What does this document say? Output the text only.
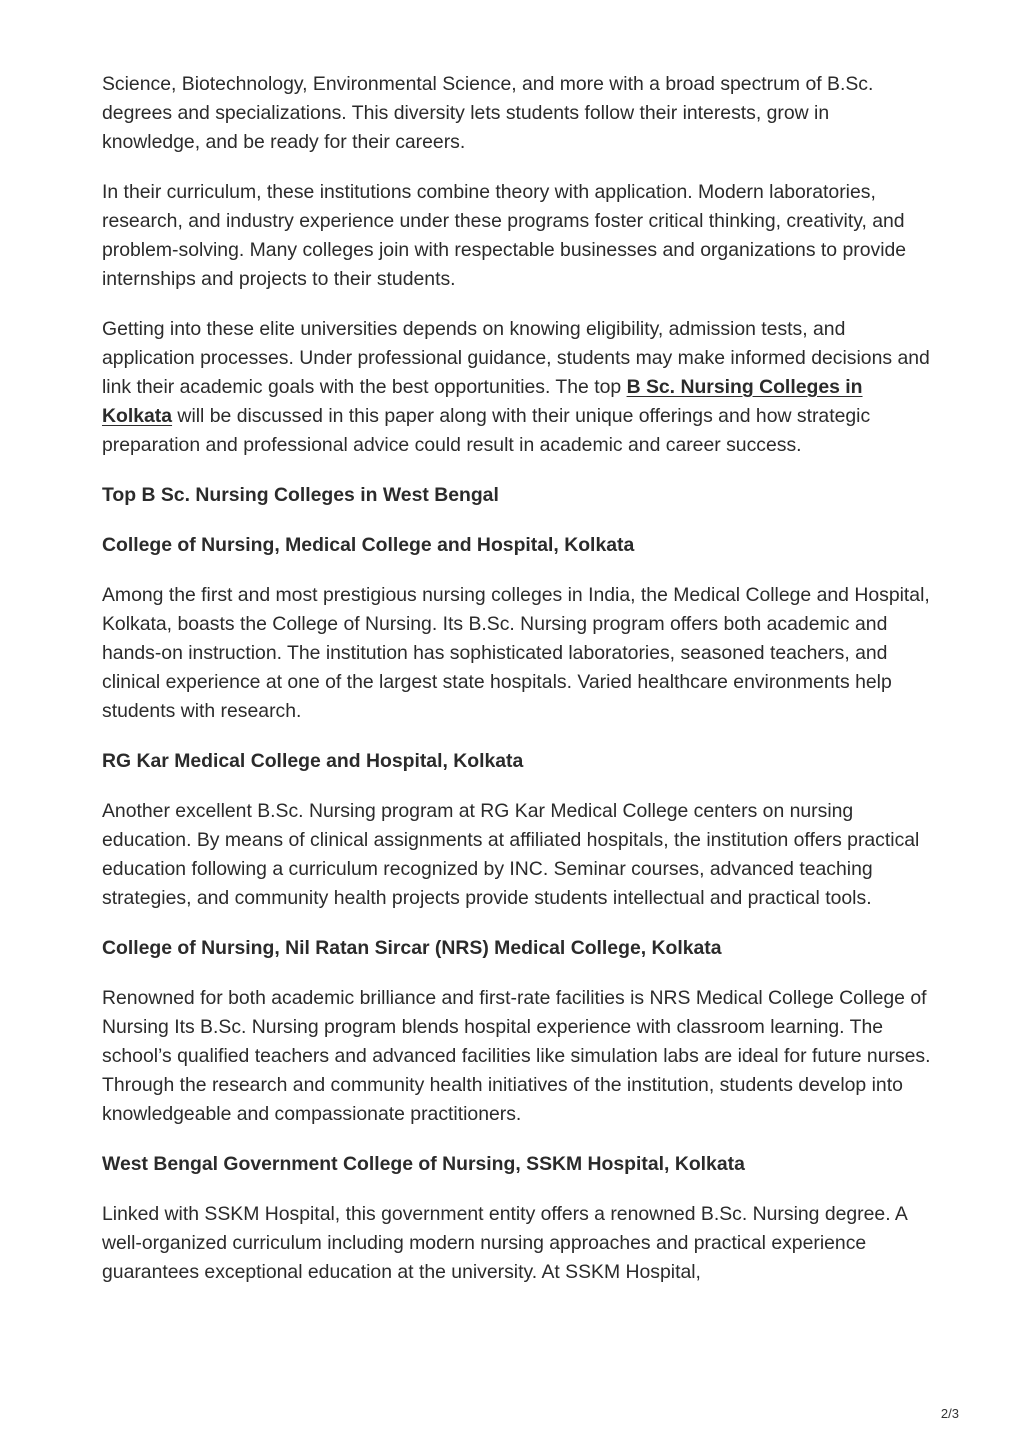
Science, Biotechnology, Environmental Science, and more with a broad spectrum of B.Sc. degrees and specializations. This diversity lets students follow their interests, grow in knowledge, and be ready for their careers.

In their curriculum, these institutions combine theory with application. Modern laboratories, research, and industry experience under these programs foster critical thinking, creativity, and problem-solving. Many colleges join with respectable businesses and organizations to provide internships and projects to their students.

Getting into these elite universities depends on knowing eligibility, admission tests, and application processes. Under professional guidance, students may make informed decisions and link their academic goals with the best opportunities. The top B Sc. Nursing Colleges in Kolkata will be discussed in this paper along with their unique offerings and how strategic preparation and professional advice could result in academic and career success.

Top B Sc. Nursing Colleges in West Bengal

College of Nursing, Medical College and Hospital, Kolkata

Among the first and most prestigious nursing colleges in India, the Medical College and Hospital, Kolkata, boasts the College of Nursing. Its B.Sc. Nursing program offers both academic and hands-on instruction. The institution has sophisticated laboratories, seasoned teachers, and clinical experience at one of the largest state hospitals. Varied healthcare environments help students with research.

RG Kar Medical College and Hospital, Kolkata

Another excellent B.Sc. Nursing program at RG Kar Medical College centers on nursing education. By means of clinical assignments at affiliated hospitals, the institution offers practical education following a curriculum recognized by INC. Seminar courses, advanced teaching strategies, and community health projects provide students intellectual and practical tools.

College of Nursing, Nil Ratan Sircar (NRS) Medical College, Kolkata

Renowned for both academic brilliance and first-rate facilities is NRS Medical College College of Nursing Its B.Sc. Nursing program blends hospital experience with classroom learning. The school’s qualified teachers and advanced facilities like simulation labs are ideal for future nurses. Through the research and community health initiatives of the institution, students develop into knowledgeable and compassionate practitioners.

West Bengal Government College of Nursing, SSKM Hospital, Kolkata

Linked with SSKM Hospital, this government entity offers a renowned B.Sc. Nursing degree. A well-organized curriculum including modern nursing approaches and practical experience guarantees exceptional education at the university. At SSKM Hospital,

2/3
